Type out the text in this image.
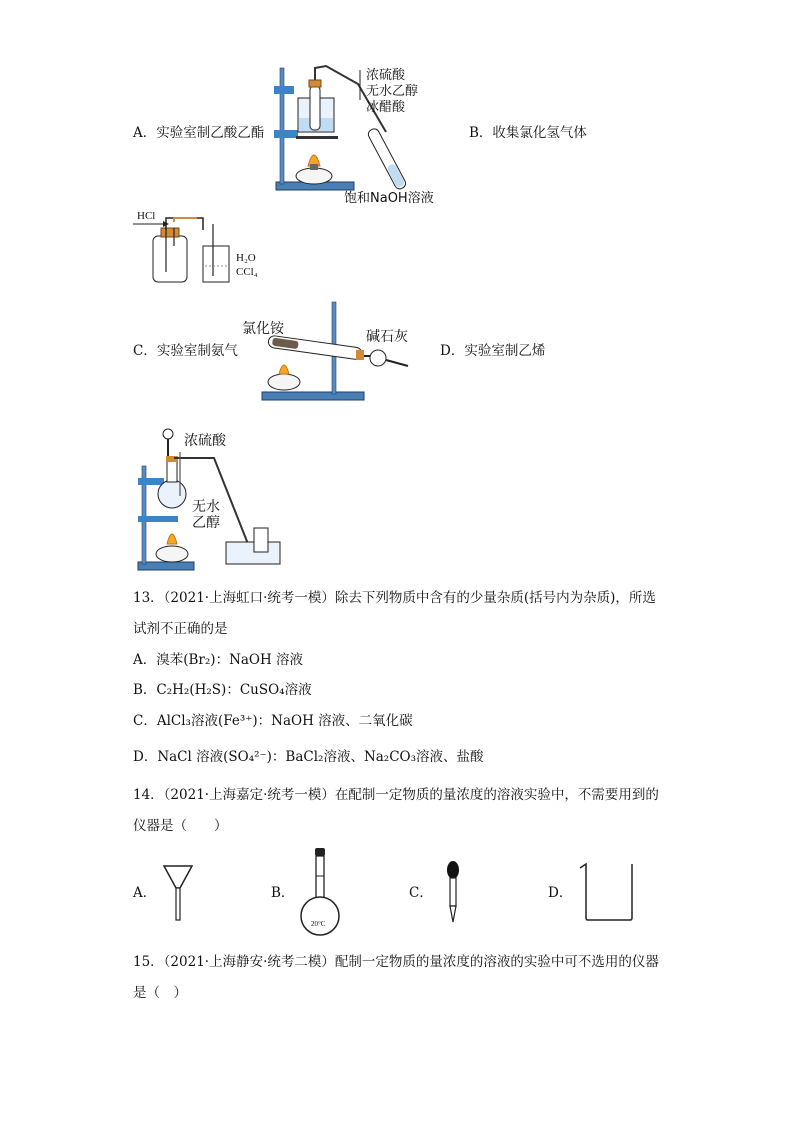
A．实验室制乙酸乙酯	B．收集氯化氢气体
浓硫酸
无水乙醇
冰醋酸
饱和NaOH溶液
HCl
H₂O
CCl₄
C．实验室制氨气	D．实验室制乙烯
氯化铵	碱石灰
浓硫酸
无水
乙醇
13．（2021·上海虹口·统考一模）除去下列物质中含有的少量杂质(括号内为杂质)，所选
试剂不正确的是
A．溴苯(Br₂)：NaOH 溶液
B．C₂H₂(H₂S)：CuSO₄溶液
C．AlCl₃溶液(Fe³⁺)：NaOH 溶液、二氧化碳
D．NaCl 溶液(SO₄²⁻)：BaCl₂溶液、Na₂CO₃溶液、盐酸
14．（2021·上海嘉定·统考一模）在配制一定物质的量浓度的溶液实验中，不需要用到的
仪器是（　　）
A．	B．
20°C
C．	D．
15．（2021·上海静安·统考二模）配制一定物质的量浓度的溶液的实验中可不选用的仪器
是（　）
